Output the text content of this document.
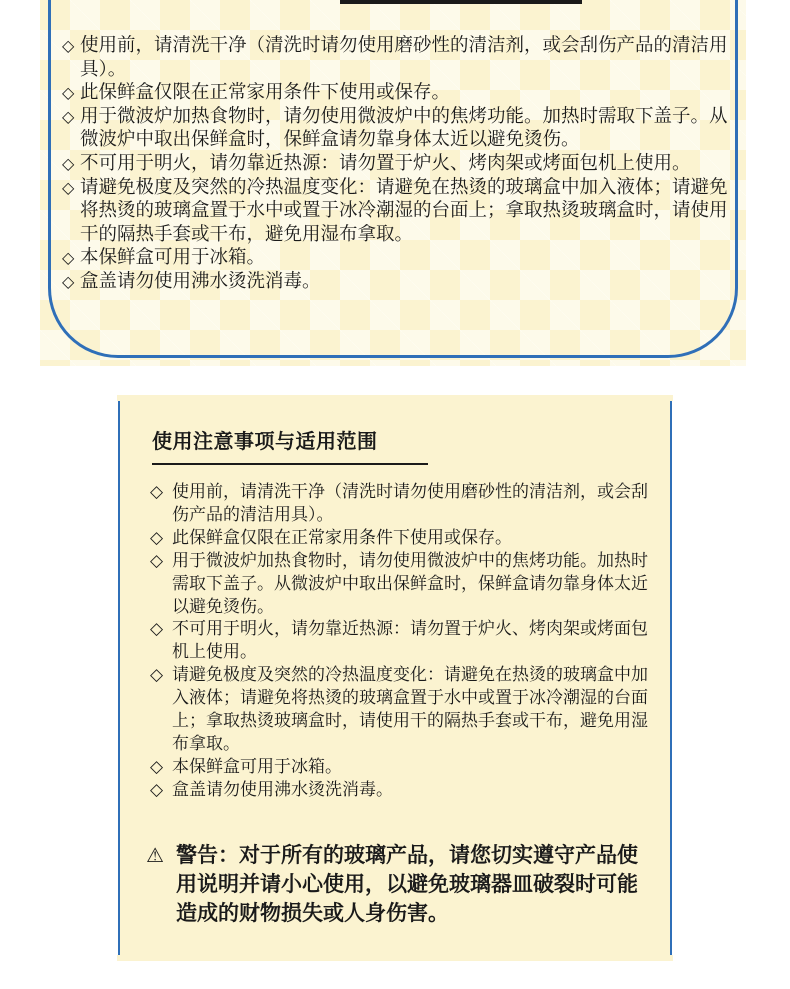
◇ 使用前，请清洗干净（清洗时请勿使用磨砂性的清洁剂，或会刮伤产品的清洁用具）。
◇ 此保鲜盒仅限在正常家用条件下使用或保存。
◇ 用于微波炉加热食物时，请勿使用微波炉中的焦烤功能。加热时需取下盖子。从微波炉中取出保鲜盒时，保鲜盒请勿靠身体太近以避免烫伤。
◇ 不可用于明火，请勿靠近热源：请勿置于炉火、烤肉架或烤面包机上使用。
◇ 请避免极度及突然的冷热温度变化：请避免在热烫的玻璃盒中加入液体；请避免将热烫的玻璃盒置于水中或置于冰冷潮湿的台面上；拿取热烫玻璃盒时，请使用干的隔热手套或干布，避免用湿布拿取。
◇ 本保鲜盒可用于冰箱。
◇ 盒盖请勿使用沸水烫洗消毒。
使用注意事项与适用范围
◇ 使用前，请清洗干净（清洗时请勿使用磨砂性的清洁剂，或会刮伤产品的清洁用具）。
◇ 此保鲜盒仅限在正常家用条件下使用或保存。
◇ 用于微波炉加热食物时，请勿使用微波炉中的焦烤功能。加热时需取下盖子。从微波炉中取出保鲜盒时，保鲜盒请勿靠身体太近以避免烫伤。
◇ 不可用于明火，请勿靠近热源：请勿置于炉火、烤肉架或烤面包机上使用。
◇ 请避免极度及突然的冷热温度变化：请避免在热烫的玻璃盒中加入液体；请避免将热烫的玻璃盒置于水中或置于冰冷潮湿的台面上；拿取热烫玻璃盒时，请使用干的隔热手套或干布，避免用湿布拿取。
◇ 本保鲜盒可用于冰箱。
◇ 盒盖请勿使用沸水烫洗消毒。
⚠ 警告：对于所有的玻璃产品，请您切实遵守产品使用说明并请小心使用，以避免玻璃器皿破裂时可能造成的财物损失或人身伤害。
